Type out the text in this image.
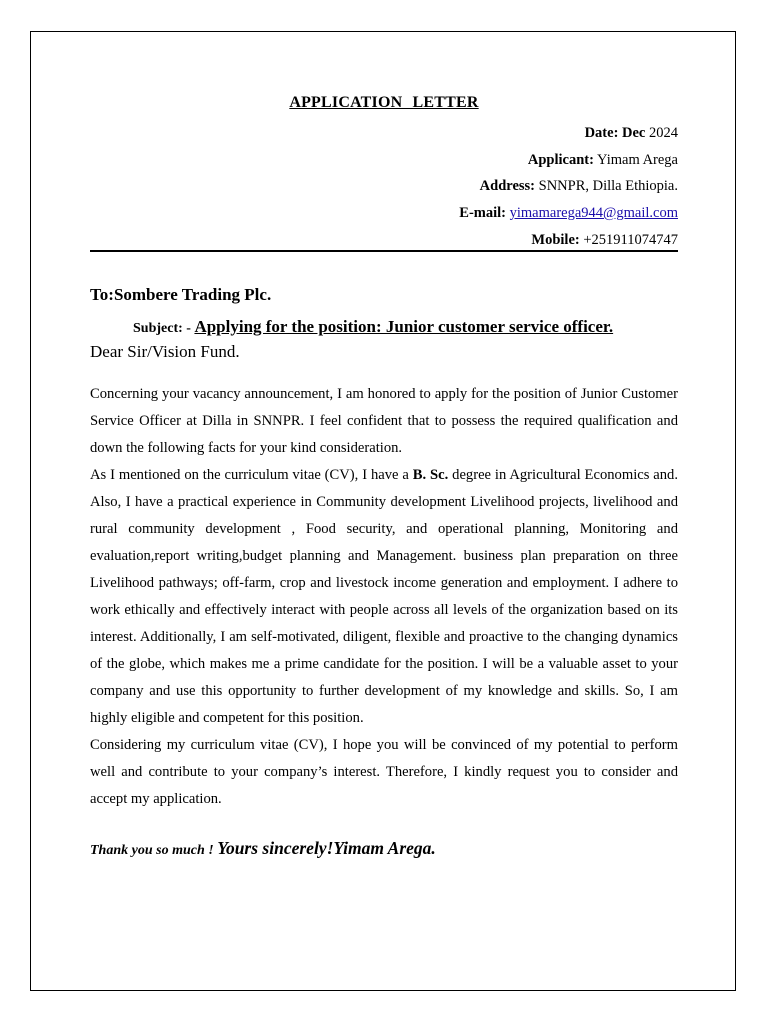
APPLICATION LETTER
Date: Dec 2024
Applicant: Yimam Arega
Address: SNNPR, Dilla Ethiopia.
E-mail: yimamarega944@gmail.com
Mobile: +251911074747
To:Sombere Trading Plc.
Subject: - Applying for the position: Junior customer service officer.
Dear Sir/Vision Fund.

Concerning your vacancy announcement, I am honored to apply for the position of Junior Customer Service Officer at Dilla in SNNPR. I feel confident that to possess the required qualification and down the following facts for your kind consideration.

As I mentioned on the curriculum vitae (CV), I have a B. Sc. degree in Agricultural Economics and. Also, I have a practical experience in Community development Livelihood projects, livelihood and rural community development , Food security, and operational planning, Monitoring and evaluation,report writing,budget planning and Management. business plan preparation on three Livelihood pathways; off-farm, crop and livestock income generation and employment. I adhere to work ethically and effectively interact with people across all levels of the organization based on its interest. Additionally, I am self-motivated, diligent, flexible and proactive to the changing dynamics of the globe, which makes me a prime candidate for the position. I will be a valuable asset to your company and use this opportunity to further development of my knowledge and skills. So, I am highly eligible and competent for this position.

Considering my curriculum vitae (CV), I hope you will be convinced of my potential to perform well and contribute to your company’s interest. Therefore, I kindly request you to consider and accept my application.

Thank you so much ! Yours sincerely!Yimam Arega.
